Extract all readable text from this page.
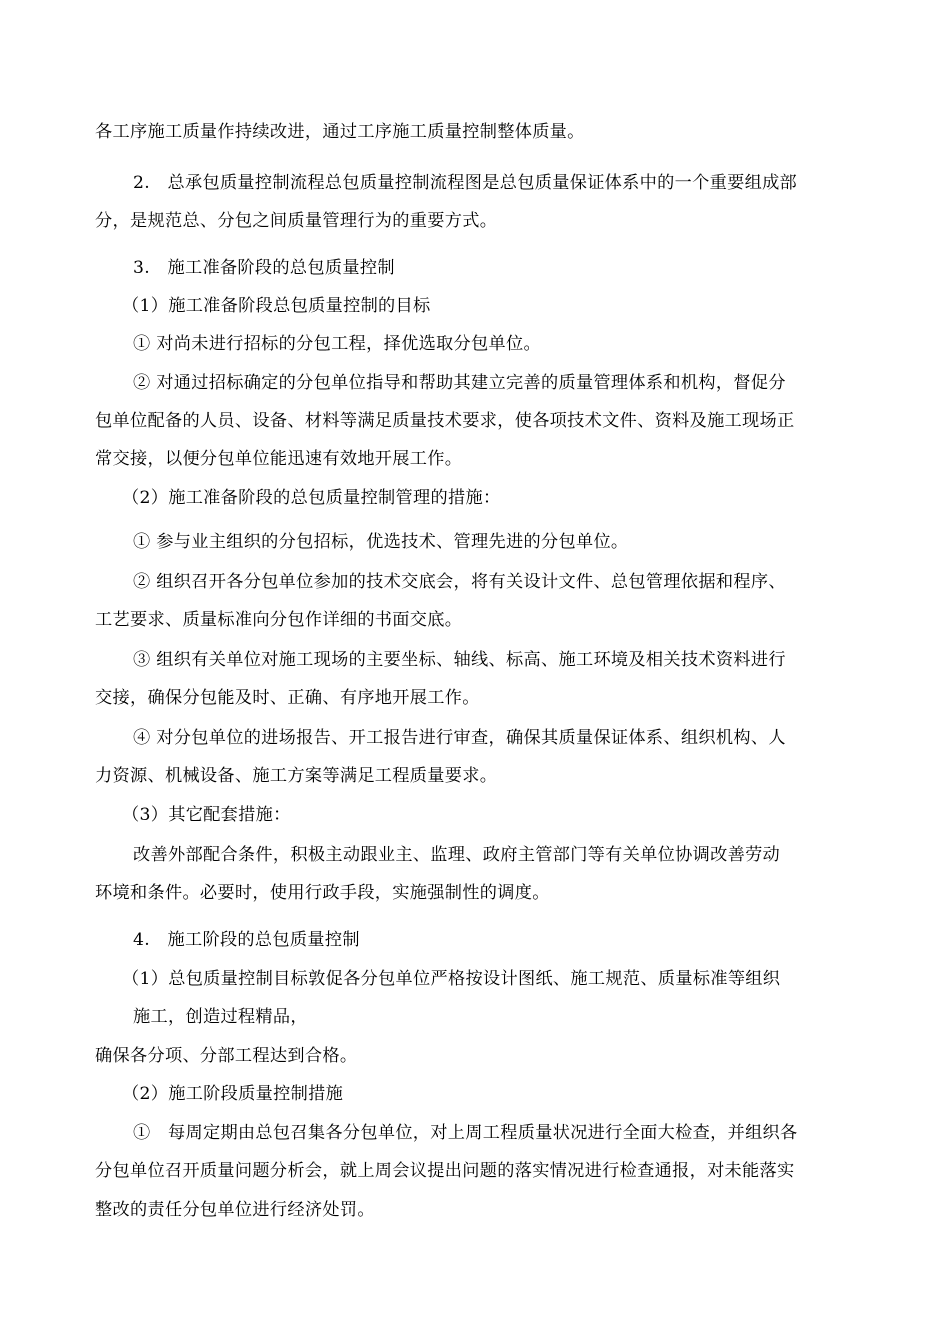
各工序施工质量作持续改进，通过工序施工质量控制整体质量。
2.　总承包质量控制流程总包质量控制流程图是总包质量保证体系中的一个重要组成部
分，是规范总、分包之间质量管理行为的重要方式。
3.　施工准备阶段的总包质量控制
（1）施工准备阶段总包质量控制的目标
① 对尚未进行招标的分包工程，择优选取分包单位。
② 对通过招标确定的分包单位指导和帮助其建立完善的质量管理体系和机构，督促分
包单位配备的人员、设备、材料等满足质量技术要求，使各项技术文件、资料及施工现场正
常交接，以便分包单位能迅速有效地开展工作。
（2）施工准备阶段的总包质量控制管理的措施：
① 参与业主组织的分包招标，优选技术、管理先进的分包单位。
② 组织召开各分包单位参加的技术交底会，将有关设计文件、总包管理依据和程序、
工艺要求、质量标准向分包作详细的书面交底。
③ 组织有关单位对施工现场的主要坐标、轴线、标高、施工环境及相关技术资料进行
交接，确保分包能及时、正确、有序地开展工作。
④ 对分包单位的进场报告、开工报告进行审查，确保其质量保证体系、组织机构、人
力资源、机械设备、施工方案等满足工程质量要求。
（3）其它配套措施：
改善外部配合条件，积极主动跟业主、监理、政府主管部门等有关单位协调改善劳动
环境和条件。必要时，使用行政手段，实施强制性的调度。
4.　施工阶段的总包质量控制
（1）总包质量控制目标敦促各分包单位严格按设计图纸、施工规范、质量标准等组织
施工，创造过程精品，
确保各分项、分部工程达到合格。
（2）施工阶段质量控制措施
①　每周定期由总包召集各分包单位，对上周工程质量状况进行全面大检查，并组织各
分包单位召开质量问题分析会，就上周会议提出问题的落实情况进行检查通报，对未能落实
整改的责任分包单位进行经济处罚。
